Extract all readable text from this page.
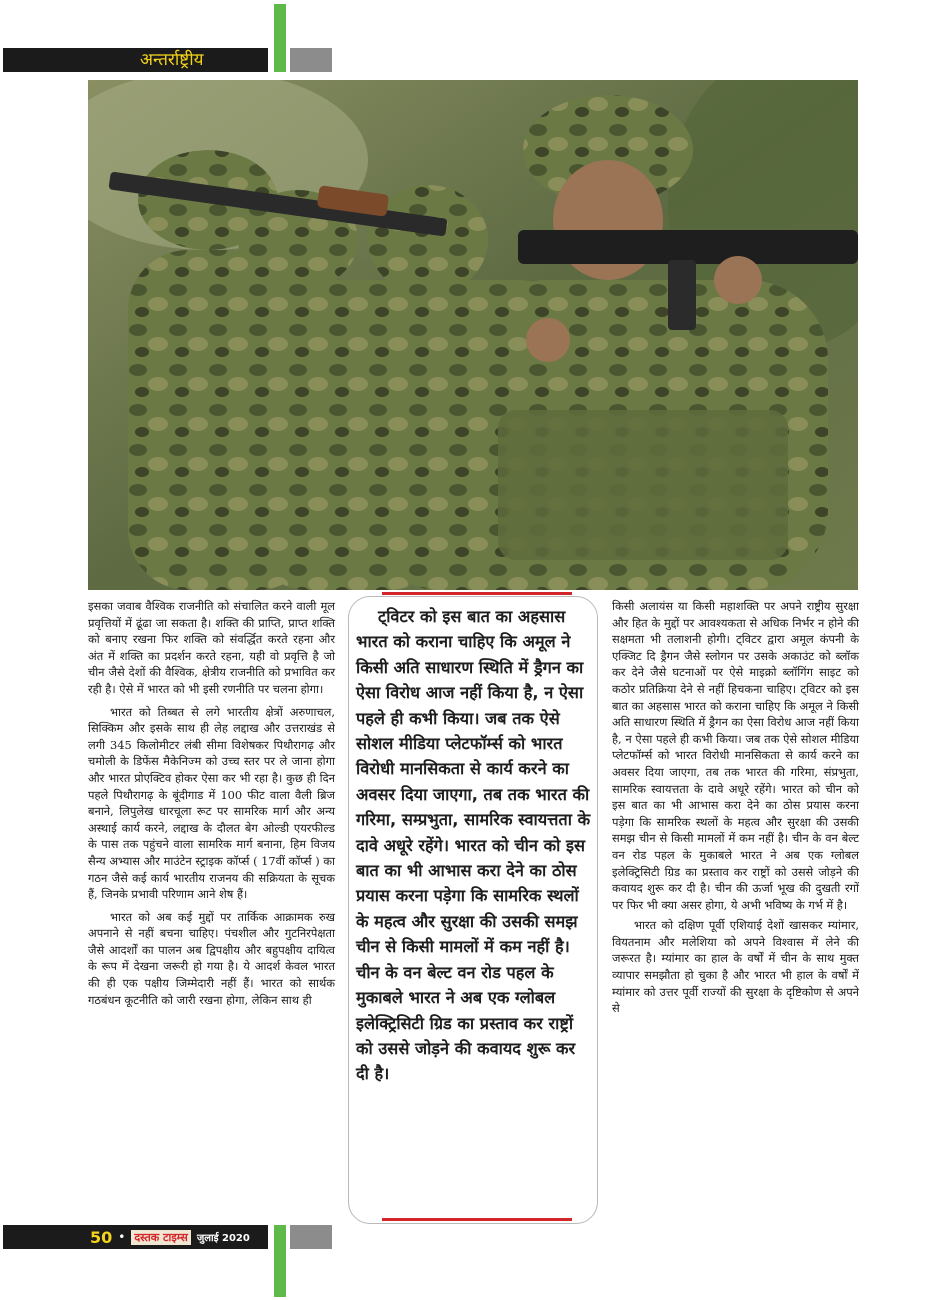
अन्तर्राष्ट्रीय

इसका जवाब वैश्विक राजनीति को संचालित करने वाली मूल प्रवृत्तियों में ढूंढा जा सकता है। शक्ति की प्राप्ति, प्राप्त शक्ति को बनाए रखना फिर शक्ति को संवर्द्धित करते रहना और अंत में शक्ति का प्रदर्शन करते रहना, यही वो प्रवृत्ति है जो चीन जैसे देशों की वैश्विक, क्षेत्रीय राजनीति को प्रभावित कर रही है। ऐसे में भारत को भी इसी रणनीति पर चलना होगा।

भारत को तिब्बत से लगे भारतीय क्षेत्रों अरुणाचल, सिक्किम और इसके साथ ही लेह लद्दाख और उत्तराखंड से लगी 345 किलोमीटर लंबी सीमा विशेषकर पिथौरागढ़ और चमोली के डिफेंस मैकेनिज्म को उच्च स्तर पर ले जाना होगा और भारत प्रोएक्टिव होकर ऐसा कर भी रहा है। कुछ ही दिन पहले पिथौरागढ़ के बूंदीगाड में 100 फीट वाला वैली ब्रिज बनाने, लिपुलेख धारचूला रूट पर सामरिक मार्ग और अन्य अस्थाई कार्य करने, लद्दाख के दौलत बेग ओल्डी एयरफील्ड के पास तक पहुंचने वाला सामरिक मार्ग बनाना, हिम विजय सैन्य अभ्यास और माउंटेन स्ट्राइक कॉर्प्स ( 17वीं कॉर्प्स ) का गठन जैसे कई कार्य भारतीय राजनय की सक्रियता के सूचक हैं, जिनके प्रभावी परिणाम आने शेष हैं।

भारत को अब कई मुद्दों पर तार्किक आक्रामक रुख अपनाने से नहीं बचना चाहिए। पंचशील और गुटनिरपेक्षता जैसे आदर्शों का पालन अब द्विपक्षीय और बहुपक्षीय दायित्व के रूप में देखना जरूरी हो गया है। ये आदर्श केवल भारत की ही एक पक्षीय जिम्मेदारी नहीं हैं। भारत को सार्थक गठबंधन कूटनीति को जारी रखना होगा, लेकिन साथ ही

ट्विटर को इस बात का अहसास भारत को कराना चाहिए कि अमूल ने किसी अति साधारण स्थिति में ड्रैगन का ऐसा विरोध आज नहीं किया है, न ऐसा पहले ही कभी किया। जब तक ऐसे सोशल मीडिया प्लेटफॉर्म्स को भारत विरोधी मानसिकता से कार्य करने का अवसर दिया जाएगा, तब तक भारत की गरिमा, सम्प्रभुता, सामरिक स्वायत्तता के दावे अधूरे रहेंगे। भारत को चीन को इस बात का भी आभास करा देने का ठोस प्रयास करना पड़ेगा कि सामरिक स्थलों के महत्व और सुरक्षा की उसकी समझ चीन से किसी मामलों में कम नहीं है। चीन के वन बेल्ट वन रोड पहल के मुकाबले भारत ने अब एक ग्लोबल इलेक्ट्रिसिटी ग्रिड का प्रस्ताव कर राष्ट्रों को उससे जोड़ने की कवायद शुरू कर दी है।

किसी अलायंस या किसी महाशक्ति पर अपने राष्ट्रीय सुरक्षा और हित के मुद्दों पर आवश्यकता से अधिक निर्भर न होने की सक्षमता भी तलाशनी होगी। ट्विटर द्वारा अमूल कंपनी के एक्जिट दि ड्रैगन जैसे स्लोगन पर उसके अकाउंट को ब्लॉक कर देने जैसे घटनाओं पर ऐसे माइक्रो ब्लॉगिंग साइट को कठोर प्रतिक्रिया देने से नहीं हिचकना चाहिए। ट्विटर को इस बात का अहसास भारत को कराना चाहिए कि अमूल ने किसी अति साधारण स्थिति में ड्रैगन का ऐसा विरोध आज नहीं किया है, न ऐसा पहले ही कभी किया। जब तक ऐसे सोशल मीडिया प्लेटफॉर्म्स को भारत विरोधी मानसिकता से कार्य करने का अवसर दिया जाएगा, तब तक भारत की गरिमा, संप्रभुता, सामरिक स्वायत्तता के दावे अधूरे रहेंगे। भारत को चीन को इस बात का भी आभास करा देने का ठोस प्रयास करना पड़ेगा कि सामरिक स्थलों के महत्व और सुरक्षा की उसकी समझ चीन से किसी मामलों में कम नहीं है। चीन के वन बेल्ट वन रोड पहल के मुकाबले भारत ने अब एक ग्लोबल इलेक्ट्रिसिटी ग्रिड का प्रस्ताव कर राष्ट्रों को उससे जोड़ने की कवायद शुरू कर दी है। चीन की ऊर्जा भूख की दुखती रगों पर फिर भी क्या असर होगा, ये अभी भविष्य के गर्भ में है।

भारत को दक्षिण पूर्वी एशियाई देशों खासकर म्यांमार, वियतनाम और मलेशिया को अपने विश्वास में लेने की जरूरत है। म्यांमार का हाल के वर्षों में चीन के साथ मुक्त व्यापार समझौता हो चुका है और भारत भी हाल के वर्षों में म्यांमार को उत्तर पूर्वी राज्यों की सुरक्षा के दृष्टिकोण से अपने से

50 • दस्तक टाइम्स जुलाई 2020
